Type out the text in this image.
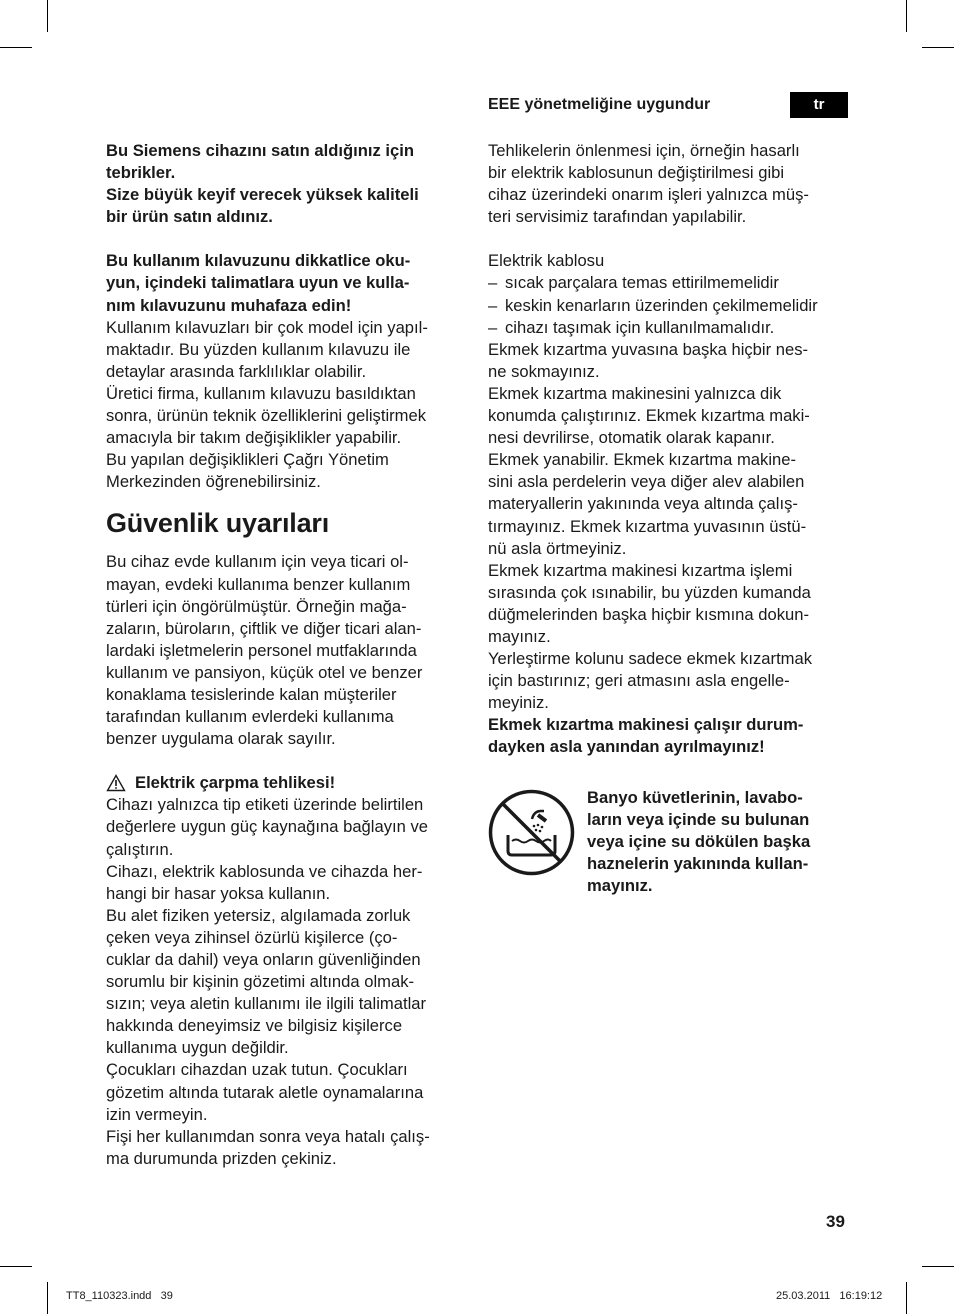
EEE yönetmeliğine uygundur	tr

Bu Siemens cihazını satın aldığınız için

tebrikler.

Size büyük keyif verecek yüksek kaliteli

bir ürün satın aldınız.

Bu kullanım kılavuzunu dikkatlice oku-

yun, içindeki talimatlara uyun ve kulla-

nım kılavuzunu muhafaza edin!

Kullanım kılavuzları bir çok model için yapıl-

maktadır. Bu yüzden kullanım kılavuzu ile

detaylar arasında farklılıklar olabilir.

Üretici firma, kullanım kılavuzu basıldıktan

sonra, ürünün teknik özelliklerini geliştirmek

amacıyla bir takım değişiklikler yapabilir.

Bu yapılan değişiklikleri Çağrı Yönetim

Merkezinden öğrenebilirsiniz.

Güvenlik uyarıları

Bu cihaz evde kullanım için veya ticari ol-

mayan, evdeki kullanıma benzer kullanım

türleri için öngörülmüştür. Örneğin mağa-

zaların, büroların, çiftlik ve diğer ticari alan-

lardaki işletmelerin personel mutfaklarında

kullanım ve pansiyon, küçük otel ve benzer

konaklama tesislerinde kalan müşteriler

tarafından kullanım evlerdeki kullanıma

benzer uygulama olarak sayılır.

Elektrik çarpma tehlikesi!

Cihazı yalnızca tip etiketi üzerinde belirtilen

değerlere uygun güç kaynağına bağlayın ve

çalıştırın.

Cihazı, elektrik kablosunda ve cihazda her-

hangi bir hasar yoksa kullanın.

Bu alet fiziken yetersiz, algılamada zorluk

çeken veya zihinsel özürlü kişilerce (ço-

cuklar da dahil) veya onların güvenliğinden

sorumlu bir kişinin gözetimi altında olmak-

sızın; veya aletin kullanımı ile ilgili talimatlar

hakkında deneyimsiz ve bilgisiz kişilerce

kullanıma uygun değildir.

Çocukları cihazdan uzak tutun. Çocukları

gözetim altında tutarak aletle oynamalarına

izin vermeyin.

Fişi her kullanımdan sonra veya hatalı çalış-

ma durumunda prizden çekiniz.

Tehlikelerin önlenmesi için, örneğin hasarlı

bir elektrik kablosunun değiştirilmesi gibi

cihaz üzerindeki onarım işleri yalnızca müş-

teri servisimiz tarafından yapılabilir.

Elektrik kablosu

– sıcak parçalara temas ettirilmemelidir
– keskin kenarların üzerinden çekilmemelidir
– cihazı taşımak için kullanılmamalıdır.

Ekmek kızartma yuvasına başka hiçbir nes-

ne sokmayınız.

Ekmek kızartma makinesini yalnızca dik

konumda çalıştırınız. Ekmek kızartma maki-

nesi devrilirse, otomatik olarak kapanır.

Ekmek yanabilir. Ekmek kızartma makine-

sini asla perdelerin veya diğer alev alabilen

materyallerin yakınında veya altında çalış-

tırmayınız. Ekmek kızartma yuvasının üstü-

nü asla örtmeyiniz.

Ekmek kızartma makinesi kızartma işlemi

sırasında çok ısınabilir, bu yüzden kumanda

düğmelerinden başka hiçbir kısmına dokun-

mayınız.

Yerleştirme kolunu sadece ekmek kızartmak

için bastırınız; geri atmasını asla engelle-

meyiniz.

Ekmek kızartma makinesi çalışır durum-

dayken asla yanından ayrılmayınız!

Banyo küvetlerinin, lavabo-

ların veya içinde su bulunan

veya içine su dökülen başka

haznelerin yakınında kullan-

mayınız.

39
TT8_110323.indd   39	25.03.2011   16:19:12
